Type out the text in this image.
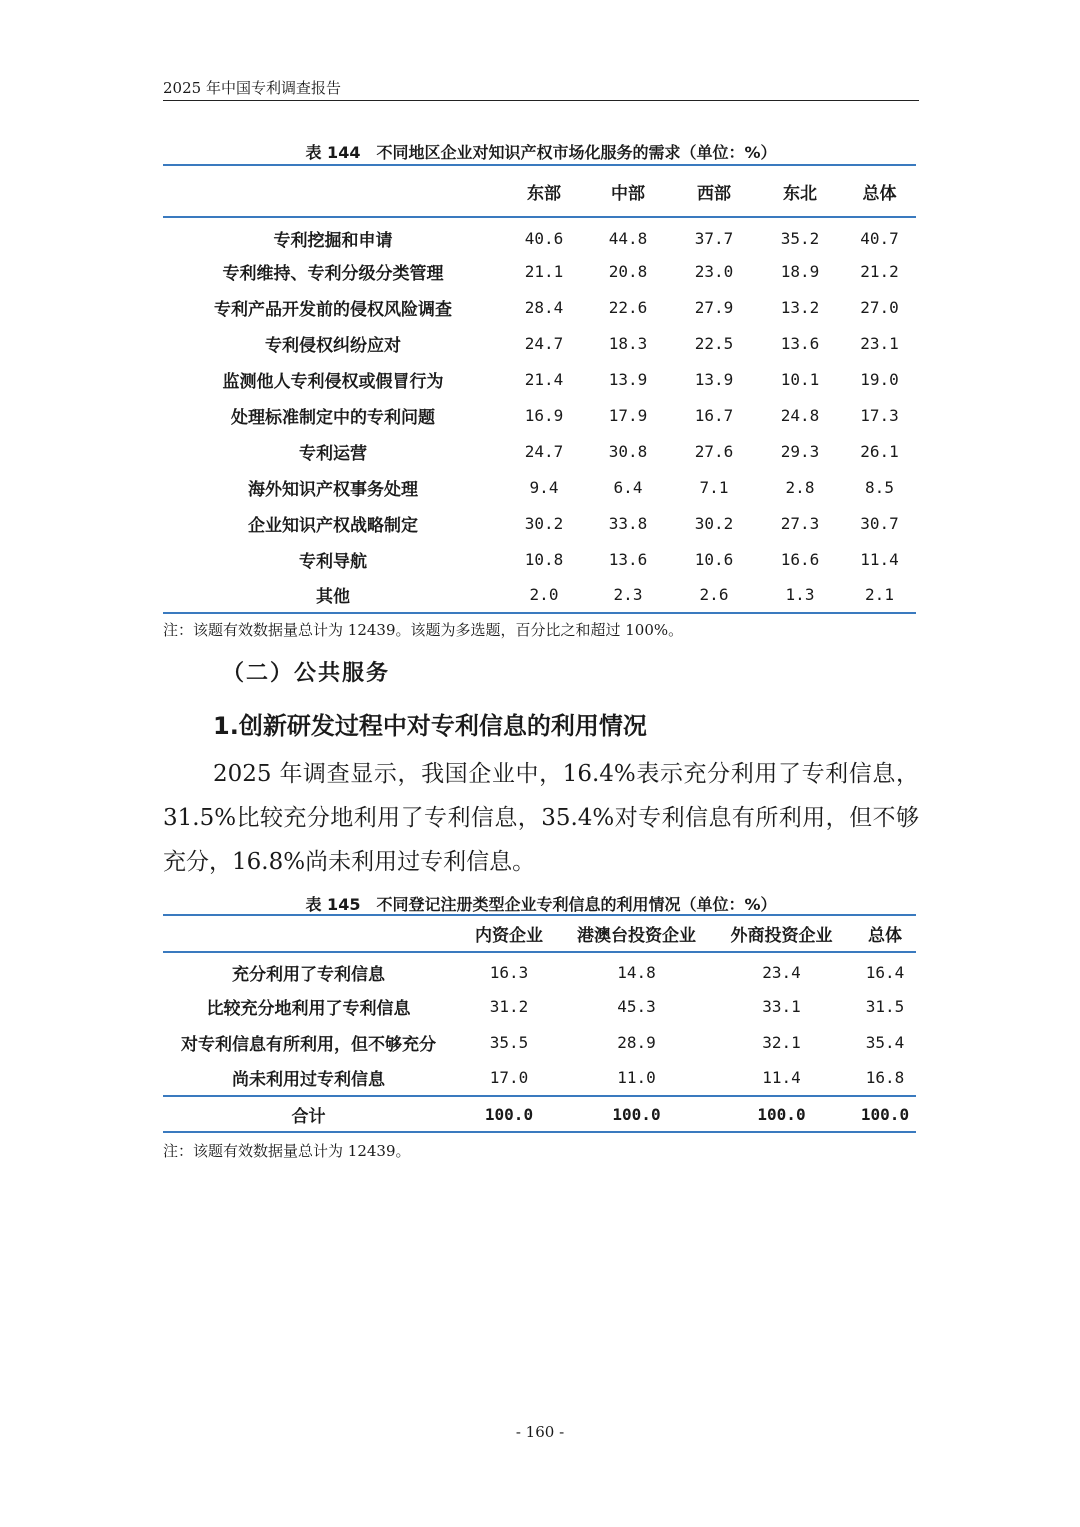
2025 年中国专利调查报告
表 144　不同地区企业对知识产权市场化服务的需求（单位：%）
	东部	中部	西部	东北	总体
专利挖掘和申请	40.6	44.8	37.7	35.2	40.7
专利维持、专利分级分类管理	21.1	20.8	23.0	18.9	21.2
专利产品开发前的侵权风险调查	28.4	22.6	27.9	13.2	27.0
专利侵权纠纷应对	24.7	18.3	22.5	13.6	23.1
监测他人专利侵权或假冒行为	21.4	13.9	13.9	10.1	19.0
处理标准制定中的专利问题	16.9	17.9	16.7	24.8	17.3
专利运营	24.7	30.8	27.6	29.3	26.1
海外知识产权事务处理	9.4	6.4	7.1	2.8	8.5
企业知识产权战略制定	30.2	33.8	30.2	27.3	30.7
专利导航	10.8	13.6	10.6	16.6	11.4
其他	2.0	2.3	2.6	1.3	2.1
注：该题有效数据量总计为 12439。该题为多选题，百分比之和超过 100%。
（二）公共服务
1.创新研发过程中对专利信息的利用情况

2025 年调查显示，我国企业中，16.4%表示充分利用了专利信息，31.5%比较充分地利用了专利信息，35.4%对专利信息有所利用，但不够充分，16.8%尚未利用过专利信息。

表 145　不同登记注册类型企业专利信息的利用情况（单位：%）
	内资企业	港澳台投资企业	外商投资企业	总体
充分利用了专利信息	16.3	14.8	23.4	16.4
比较充分地利用了专利信息	31.2	45.3	33.1	31.5
对专利信息有所利用，但不够充分	35.5	28.9	32.1	35.4
尚未利用过专利信息	17.0	11.0	11.4	16.8
合计	100.0	100.0	100.0	100.0
注：该题有效数据量总计为 12439。
- 160 -
